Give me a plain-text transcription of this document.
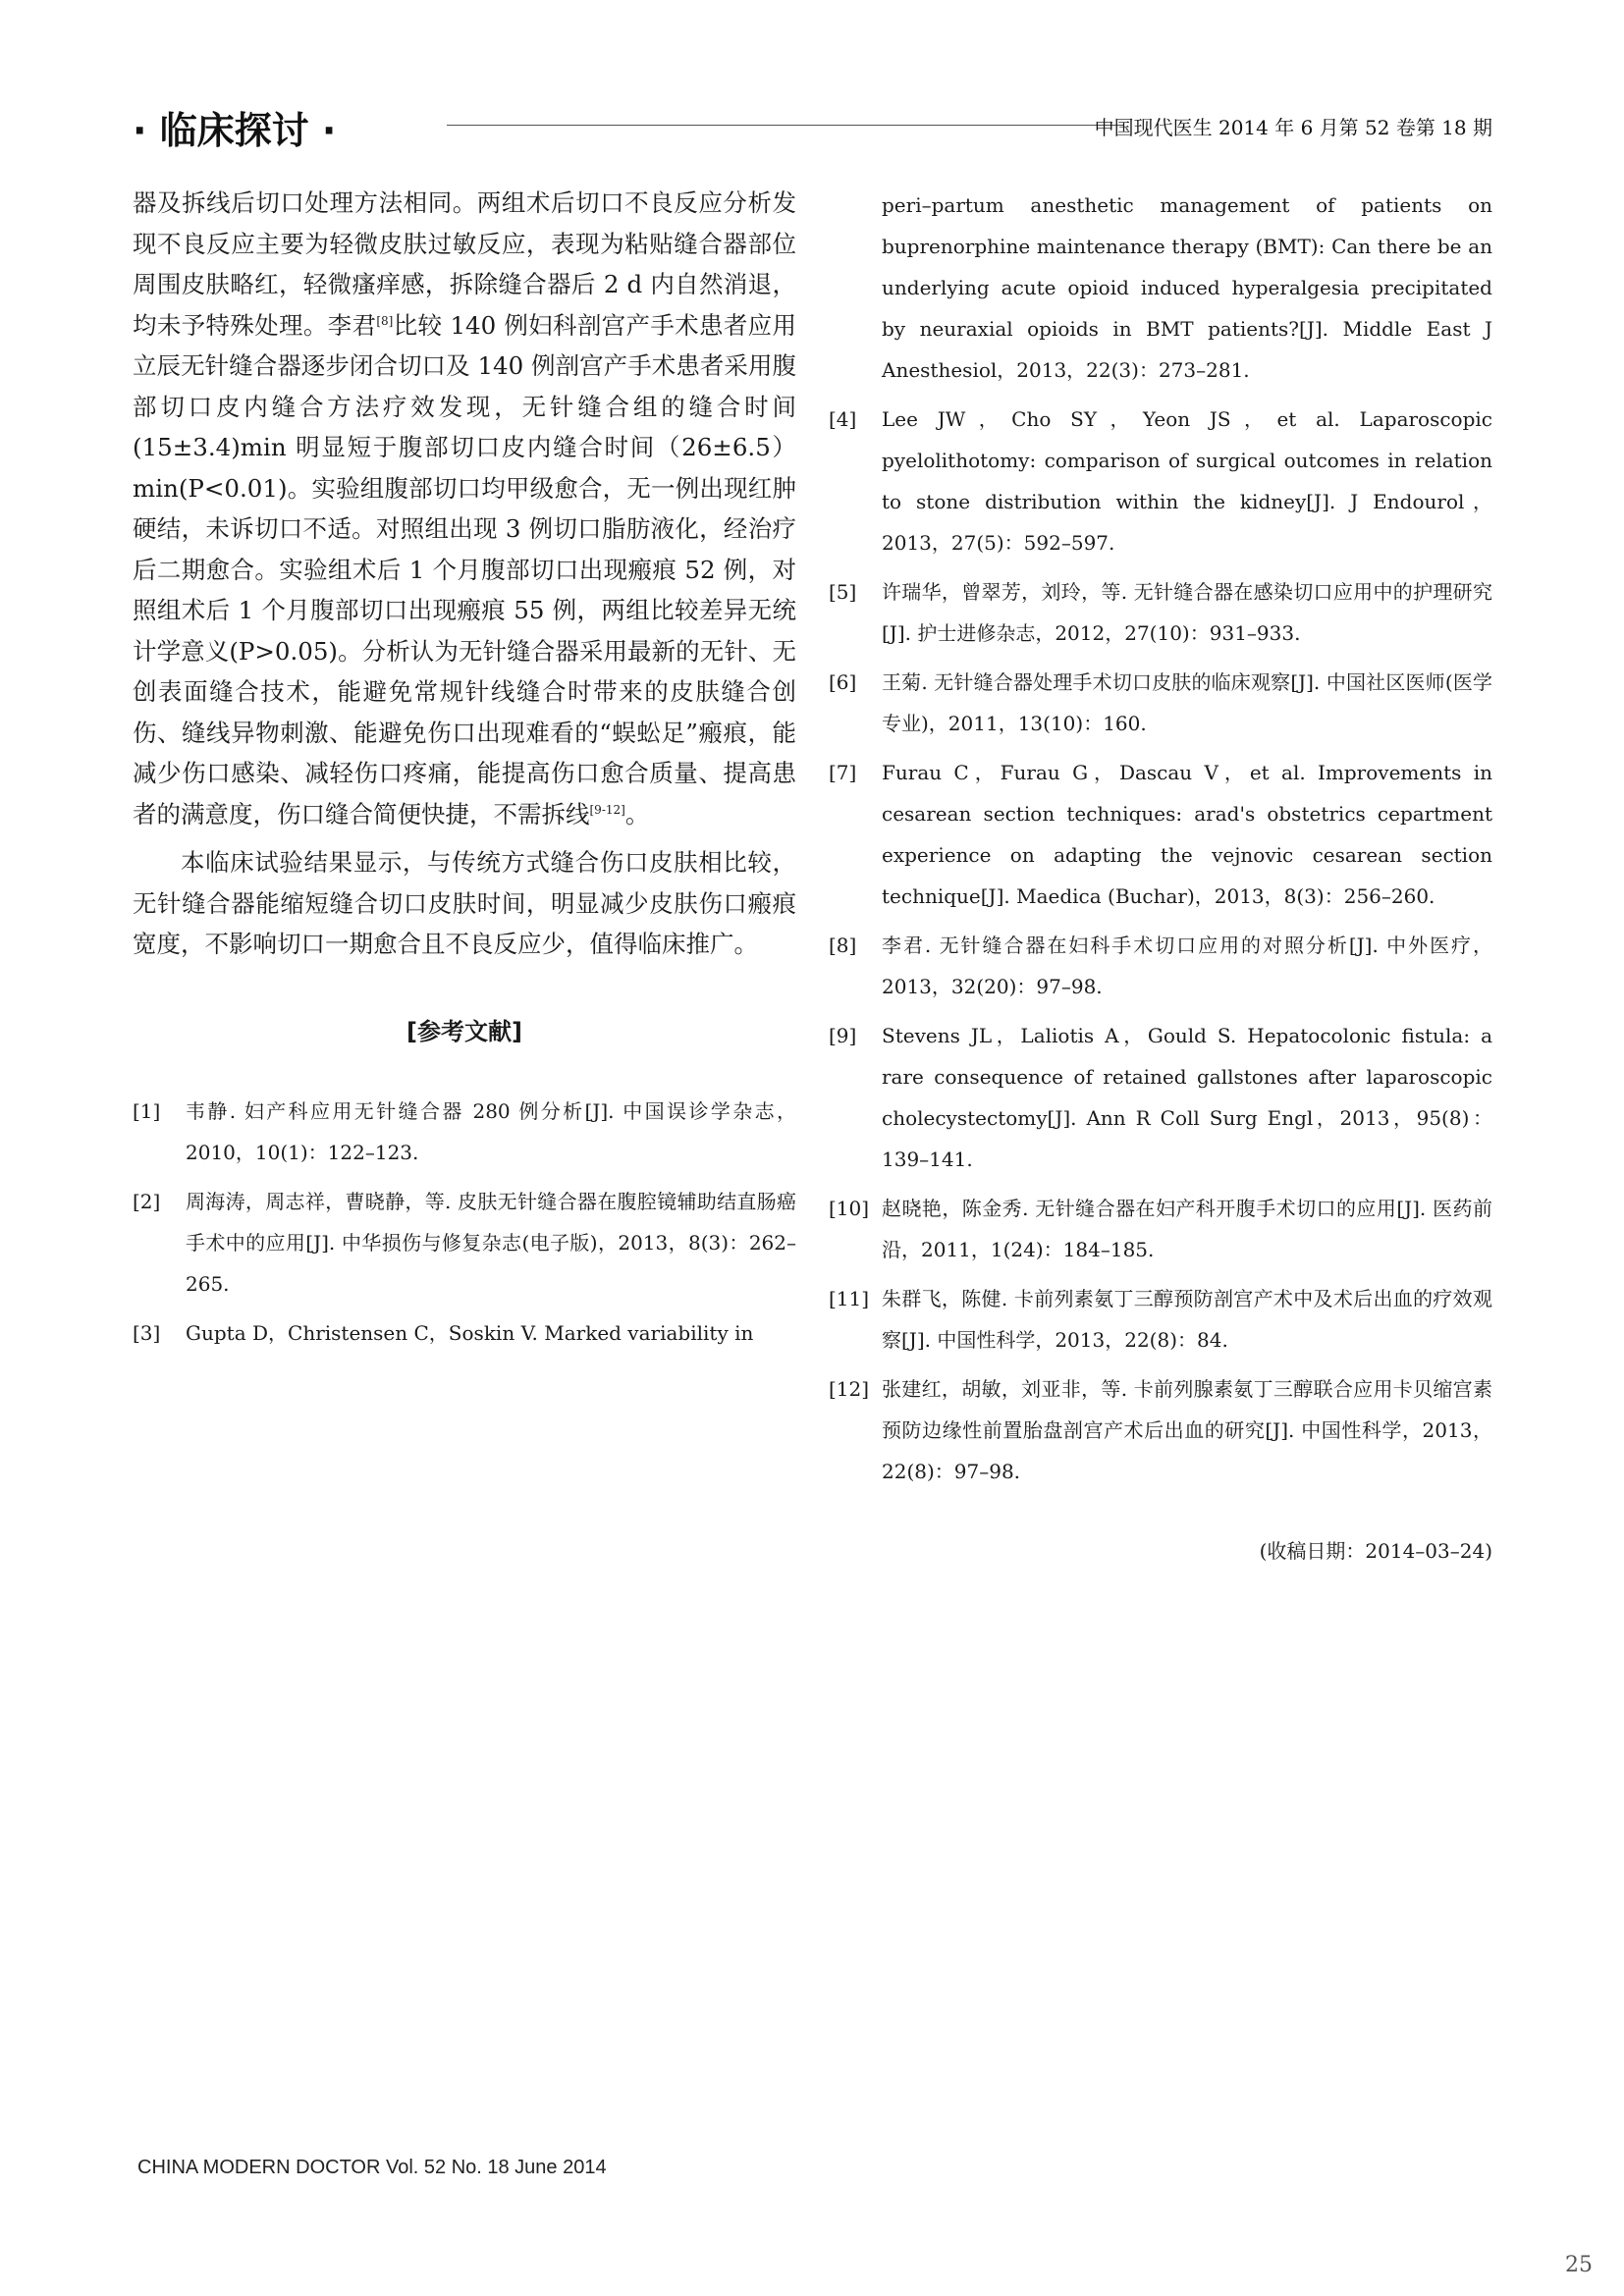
· 临床探讨 ·	中国现代医生 2014 年 6 月第 52 卷第 18 期

器及拆线后切口处理方法相同。两组术后切口不良反应分析发现不良反应主要为轻微皮肤过敏反应，表现为粘贴缝合器部位周围皮肤略红，轻微瘙痒感，拆除缝合器后 2 d 内自然消退，均未予特殊处理。李君[8]比较 140 例妇科剖宫产手术患者应用立辰无针缝合器逐步闭合切口及 140 例剖宫产手术患者采用腹部切口皮内缝合方法疗效发现，无针缝合组的缝合时间(15±3.4)min 明显短于腹部切口皮内缝合时间（26±6.5）min(P<0.01)。实验组腹部切口均甲级愈合，无一例出现红肿硬结，未诉切口不适。对照组出现 3 例切口脂肪液化，经治疗后二期愈合。实验组术后 1 个月腹部切口出现瘢痕 52 例，对照组术后 1 个月腹部切口出现瘢痕 55 例，两组比较差异无统计学意义(P>0.05)。分析认为无针缝合器采用最新的无针、无创表面缝合技术，能避免常规针线缝合时带来的皮肤缝合创伤、缝线异物刺激、能避免伤口出现难看的“蜈蚣足”瘢痕，能减少伤口感染、减轻伤口疼痛，能提高伤口愈合质量、提高患者的满意度，伤口缝合简便快捷，不需拆线[9-12]。

本临床试验结果显示，与传统方式缝合伤口皮肤相比较，无针缝合器能缩短缝合切口皮肤时间，明显减少皮肤伤口瘢痕宽度，不影响切口一期愈合且不良反应少，值得临床推广。

[参考文献]
[1] 韦静. 妇产科应用无针缝合器 280 例分析[J]. 中国误诊学杂志，2010，10(1)：122–123.
[2] 周海涛，周志祥，曹晓静，等. 皮肤无针缝合器在腹腔镜辅助结直肠癌手术中的应用[J]. 中华损伤与修复杂志(电子版)，2013，8(3)：262–265.
[3] Gupta D，Christensen C，Soskin V. Marked variability in
peri–partum anesthetic management of patients on buprenorphine maintenance therapy (BMT): Can there be an underlying acute opioid induced hyperalgesia precipitated by neuraxial opioids in BMT patients?[J]. Middle East J Anesthesiol，2013，22(3)：273–281.
[4] Lee JW，Cho SY，Yeon JS，et al. Laparoscopic pyelolithotomy: comparison of surgical outcomes in relation to stone distribution within the kidney[J]. J Endourol，2013，27(5)：592–597.
[5] 许瑞华，曾翠芳，刘玲，等. 无针缝合器在感染切口应用中的护理研究[J]. 护士进修杂志，2012，27(10)：931–933.
[6] 王菊. 无针缝合器处理手术切口皮肤的临床观察[J]. 中国社区医师(医学专业)，2011，13(10)：160.
[7] Furau C，Furau G，Dascau V，et al. Improvements in cesarean section techniques: arad's obstetrics cepartment experience on adapting the vejnovic cesarean section technique[J]. Maedica (Buchar)，2013，8(3)：256–260.
[8] 李君. 无针缝合器在妇科手术切口应用的对照分析[J]. 中外医疗，2013，32(20)：97–98.
[9] Stevens JL，Laliotis A，Gould S. Hepatocolonic fistula: a rare consequence of retained gallstones after laparoscopic cholecystectomy[J]. Ann R Coll Surg Engl，2013，95(8)：139–141.
[10] 赵晓艳，陈金秀. 无针缝合器在妇产科开腹手术切口的应用[J]. 医药前沿，2011，1(24)：184–185.
[11] 朱群飞，陈健. 卡前列素氨丁三醇预防剖宫产术中及术后出血的疗效观察[J]. 中国性科学，2013，22(8)：84.
[12] 张建红，胡敏，刘亚非，等. 卡前列腺素氨丁三醇联合应用卡贝缩宫素预防边缘性前置胎盘剖宫产术后出血的研究[J]. 中国性科学，2013，22(8)：97–98.
(收稿日期：2014–03–24)
CHINA MODERN DOCTOR Vol. 52 No. 18 June 2014
25
